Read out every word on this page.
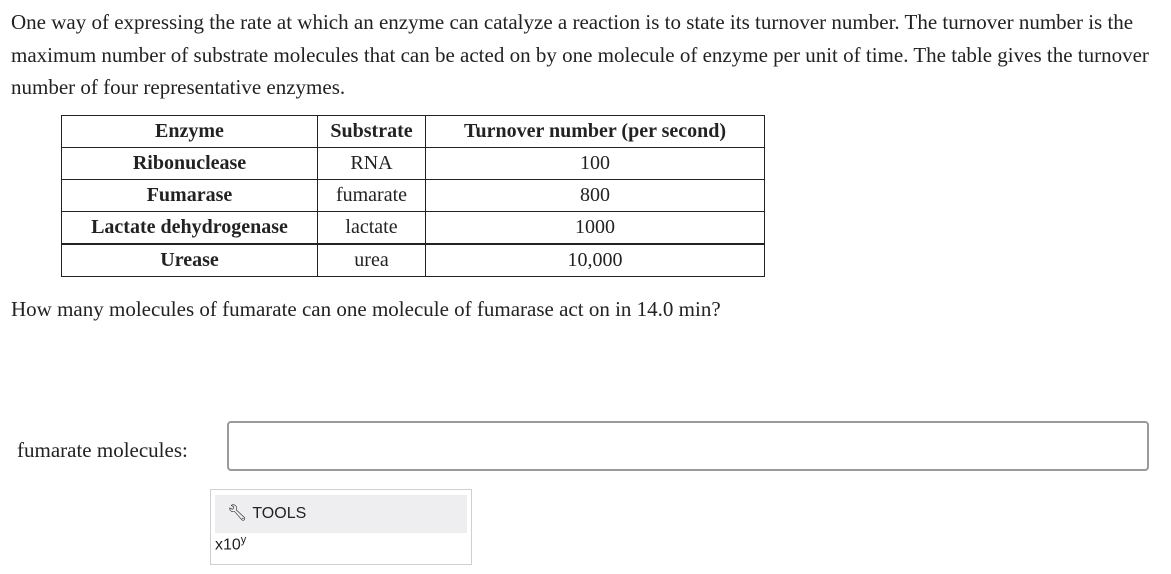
One way of expressing the rate at which an enzyme can catalyze a reaction is to state its turnover number. The turnover number is the maximum number of substrate molecules that can be acted on by one molecule of enzyme per unit of time. The table gives the turnover number of four representative enzymes.

Enzyme	Substrate	Turnover number (per second)
Ribonuclease	RNA	100
Fumarase	fumarate	800
Lactate dehydrogenase	lactate	1000
Urease	urea	10,000

How many molecules of fumarate can one molecule of fumarase act on in 14.0 min?

fumarate molecules:
🔧︎ TOOLS
x10$^y$
